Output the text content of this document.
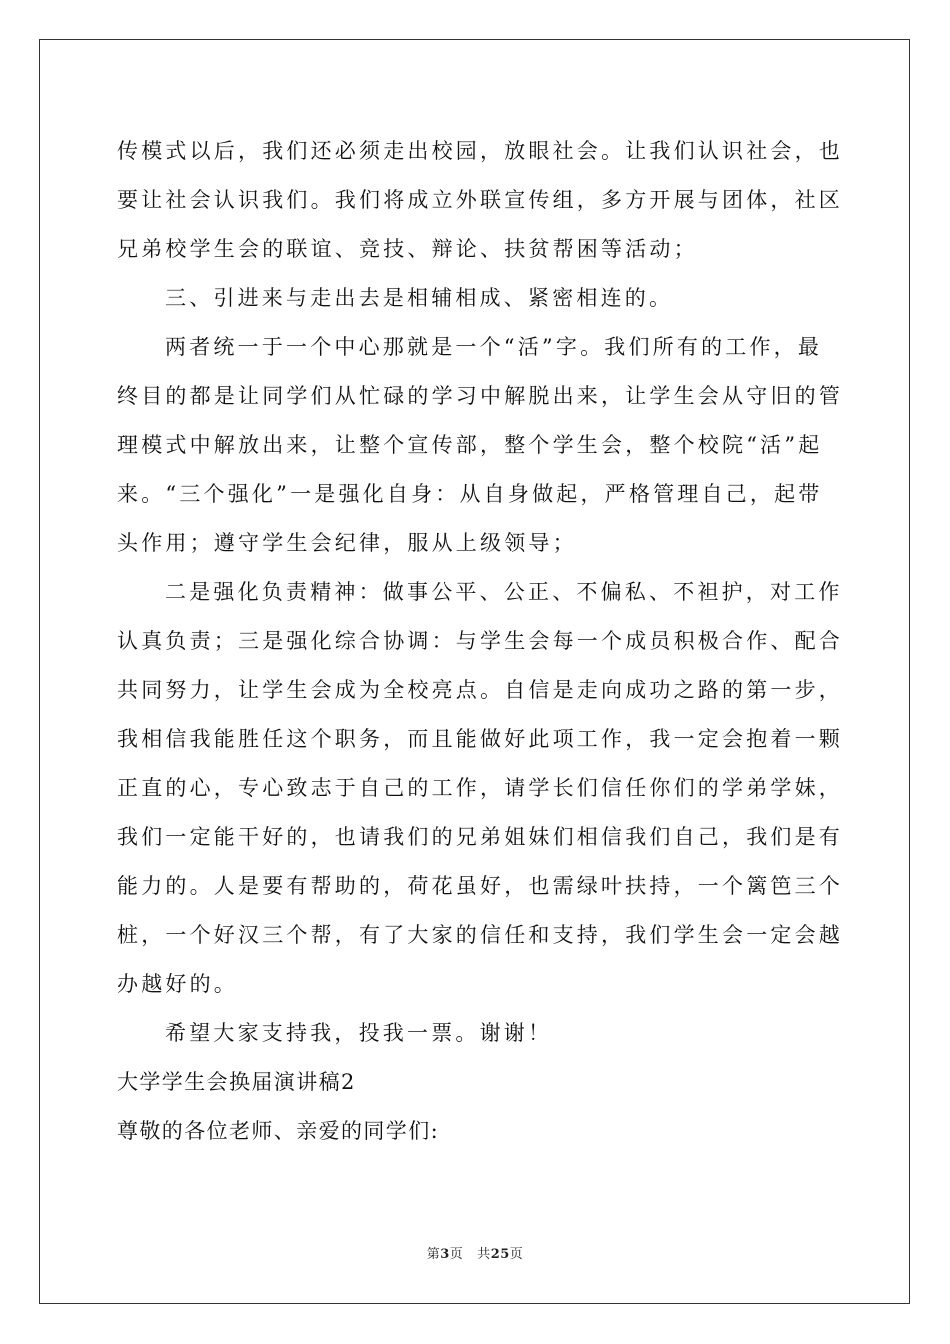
传模式以后，我们还必须走出校园，放眼社会。让我们认识社会，也
要让社会认识我们。我们将成立外联宣传组，多方开展与团体，社区
兄弟校学生会的联谊、竞技、辩论、扶贫帮困等活动；
三、引进来与走出去是相辅相成、紧密相连的。
两者统一于一个中心那就是一个“活”字。我们所有的工作，最
终目的都是让同学们从忙碌的学习中解脱出来，让学生会从守旧的管
理模式中解放出来，让整个宣传部，整个学生会，整个校院“活”起
来。“三个强化”一是强化自身：从自身做起，严格管理自己，起带
头作用；遵守学生会纪律，服从上级领导；
二是强化负责精神：做事公平、公正、不偏私、不袒护，对工作
认真负责；三是强化综合协调：与学生会每一个成员积极合作、配合
共同努力，让学生会成为全校亮点。自信是走向成功之路的第一步，
我相信我能胜任这个职务，而且能做好此项工作，我一定会抱着一颗
正直的心，专心致志于自己的工作，请学长们信任你们的学弟学妹，
我们一定能干好的，也请我们的兄弟姐妹们相信我们自己，我们是有
能力的。人是要有帮助的，荷花虽好，也需绿叶扶持，一个篱笆三个
桩，一个好汉三个帮，有了大家的信任和支持，我们学生会一定会越
办越好的。
希望大家支持我，投我一票。谢谢！
大学学生会换届演讲稿2
尊敬的各位老师、亲爱的同学们:
第3页 共25页
